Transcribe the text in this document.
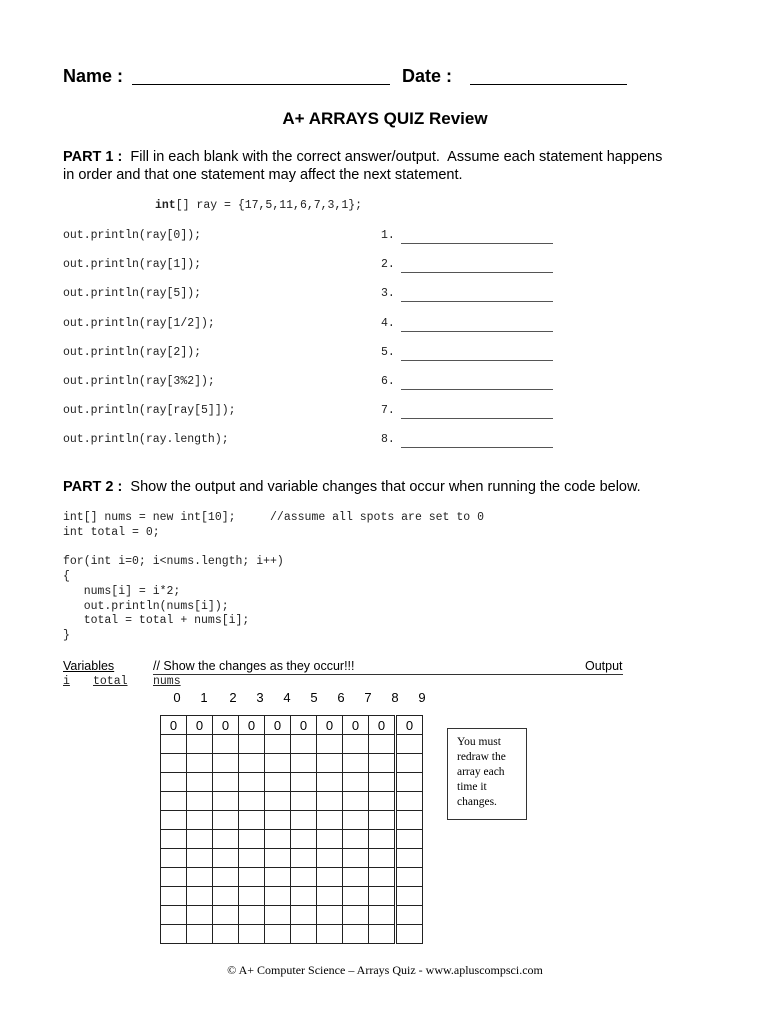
Name :	Date :
A+ ARRAYS QUIZ Review
PART 1 : Fill in each blank with the correct answer/output.  Assume each statement happens
in order and that one statement may affect the next statement.
int[] ray = {17,5,11,6,7,3,1};
out.println(ray[0]);	1.
out.println(ray[1]);	2.
out.println(ray[5]);	3.
out.println(ray[1/2]);	4.
out.println(ray[2]);	5.
out.println(ray[3%2]);	6.
out.println(ray[ray[5]]);	7.
out.println(ray.length);	8.
PART 2 : Show the output and variable changes that occur when running the code below.
int[] nums = new int[10];     //assume all spots are set to 0
int total = 0;
for(int i=0; i<nums.length; i++)
{
nums[i] = i*2;
out.println(nums[i]);
total = total + nums[i];
}
Variables	// Show the changes as they occur!!!	Output
i total nums
0	1	2	3	4	5	6	7	8	9
0	0	0	0	0	0	0	0	0	0

You must
redraw the
array each
time it
changes.
© A+ Computer Science – Arrays Quiz - www.apluscompsci.com
